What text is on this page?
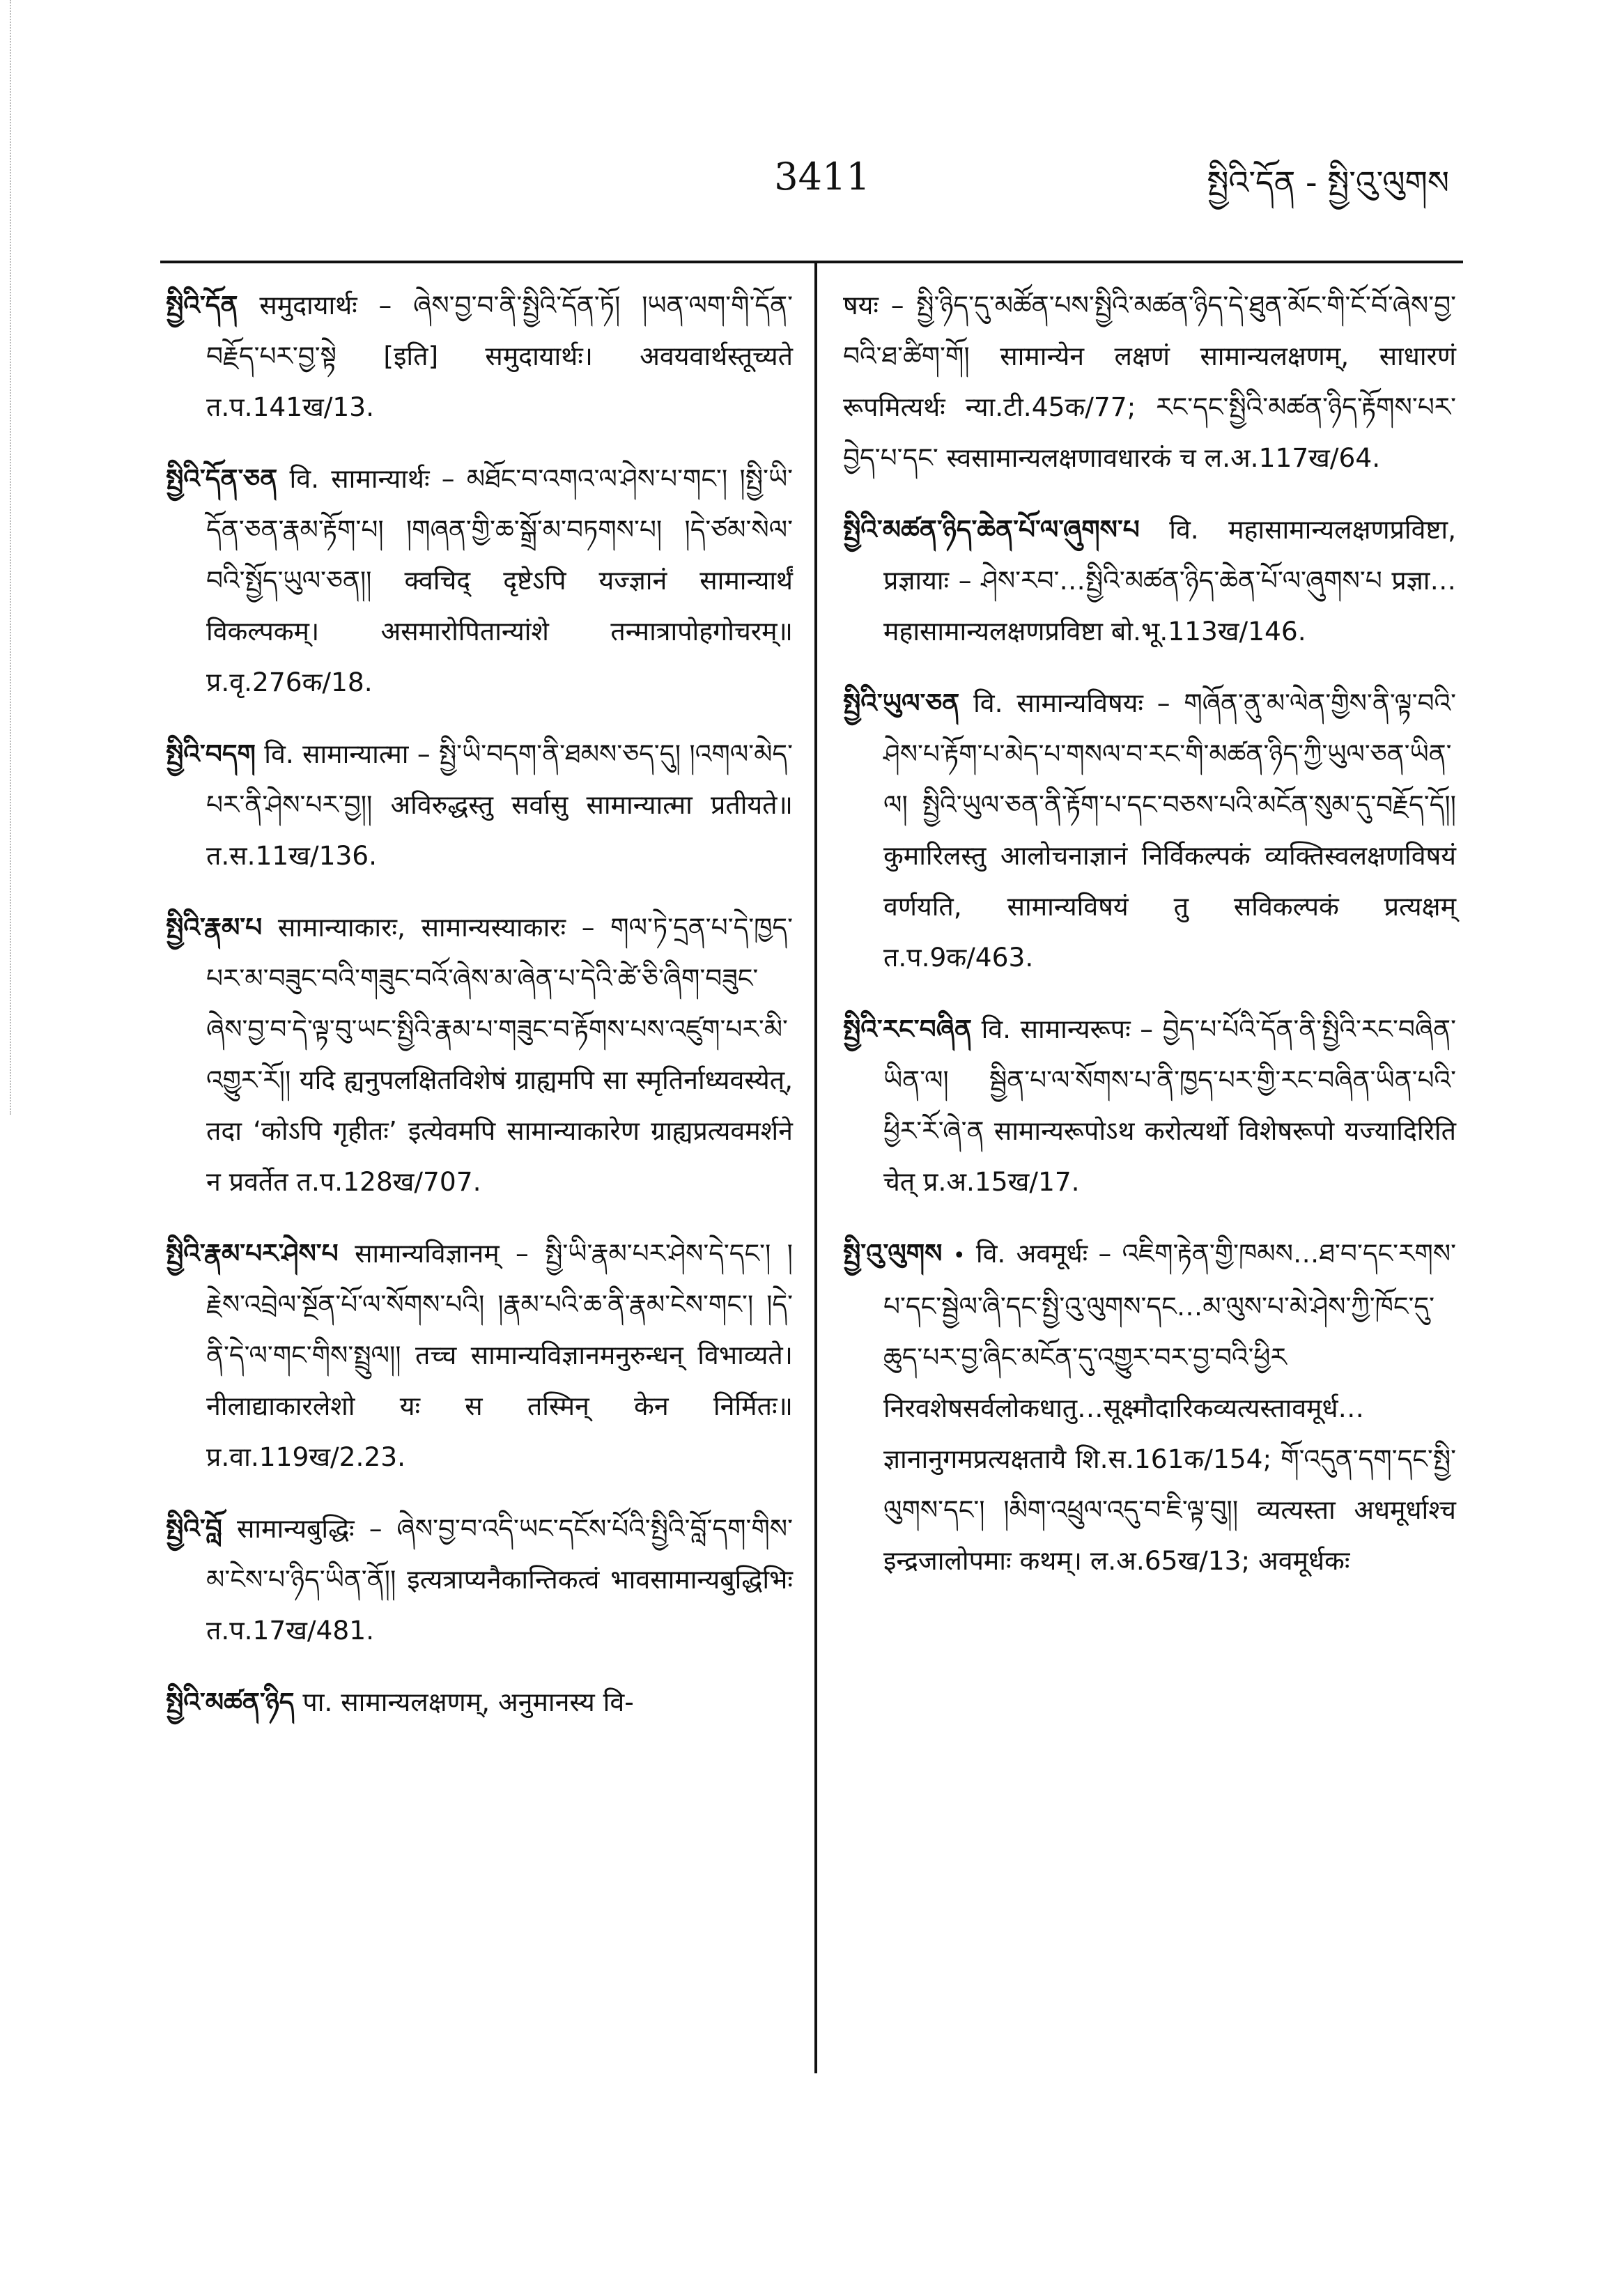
3411	སྤྱིའི་དོན - སྤྱི་འུ་ལུགས

སྤྱིའི་དོན समुदायार्थः – ཞེས་བྱ་བ་ནི་སྤྱིའི་དོན་ཏོ། །ཡན་ལག་གི་དོན་བརྗོད་པར་བྱ་སྟེ [इति] समुदायार्थः। अवयवार्थस्तूच्यते त.प.141ख/13.

སྤྱིའི་དོན་ཅན वि. सामान्यार्थः – མཐོང་བ་འགའ་ལ་ཤེས་པ་གང་། །སྤྱི་ཡི་དོན་ཅན་རྣམ་རྟོག་པ། །གཞན་གྱི་ཆ་སྒྲོ་མ་བཏགས་པ། །དེ་ཙམ་སེལ་བའི་སྤྱོད་ཡུལ་ཅན།། क्वचिद् दृष्टेऽपि यज्ज्ञानं सामान्यार्थं विकल्पकम्। असमारोपितान्यांशे तन्मात्रापोहगोचरम्॥ प्र.वृ.276क/18.

སྤྱིའི་བདག वि. सामान्यात्मा – སྤྱི་ཡི་བདག་ནི་ཐམས་ཅད་དུ། །འགལ་མེད་པར་ནི་ཤེས་པར་བྱ།། अविरुद्धस्तु सर्वासु सामान्यात्मा प्रतीयते॥ त.स.11ख/136.

སྤྱིའི་རྣམ་པ सामान्याकारः, सामान्यस्याकारः – གལ་ཏེ་དྲན་པ་དེ་ཁྱད་པར་མ་བཟུང་བའི་གཟུང་བའོ་ཞེས་མ་ཞེན་པ་དེའི་ཚེ་ཅི་ཞིག་བཟུང་ཞེས་བྱ་བ་དེ་ལྟ་བུ་ཡང་སྤྱིའི་རྣམ་པ་གཟུང་བ་རྟོགས་པས་འཛུག་པར་མི་འགྱུར་རོ།། यदि ह्यनुपलक्षितविशेषं ग्राह्यमपि सा स्मृतिर्नाध्यवस्येत्, तदा ‘कोऽपि गृहीतः’ इत्येवमपि सामान्याकारेण ग्राह्यप्रत्यवमर्शने न प्रवर्तेत त.प.128ख/707.

སྤྱིའི་རྣམ་པར་ཤེས་པ सामान्यविज्ञानम् – སྤྱི་ཡི་རྣམ་པར་ཤེས་དེ་དང་། །རྗེས་འབྲེལ་སྔོན་པོ་ལ་སོགས་པའི། །རྣམ་པའི་ཆ་ནི་རྣམ་ངེས་གང་། །དེ་ནི་དེ་ལ་གང་གིས་སྤྲུལ།། तच्च सामान्यविज्ञानमनुरुन्धन् विभाव्यते। नीलाद्याकारलेशो यः स तस्मिन् केन निर्मितः॥ प्र.वा.119ख/2.23.

སྤྱིའི་བློ सामान्यबुद्धिः – ཞེས་བྱ་བ་འདི་ཡང་དངོས་པོའི་སྤྱིའི་བློ་དག་གིས་མ་ངེས་པ་ཉིད་ཡིན་ནོ།། इत्यत्राप्यनैकान्तिकत्वं भावसामान्यबुद्धिभिः त.प.17ख/481.

སྤྱིའི་མཚན་ཉིད पा. सामान्यलक्षणम्, अनुमानस्य वि-

षयः – སྤྱི་ཉིད་དུ་མཚོན་པས་སྤྱིའི་མཚན་ཉིད་དེ་ཐུན་མོང་གི་ངོ་བོ་ཞེས་བྱ་བའི་ཐ་ཚིག་གོ། सामान्येन लक्षणं सामान्यलक्षणम्, साधारणं रूपमित्यर्थः न्या.टी.45क/77; རང་དང་སྤྱིའི་མཚན་ཉིད་རྟོགས་པར་བྱེད་པ་དང་ स्वसामान्यलक्षणावधारकं च ल.अ.117ख/64.

སྤྱིའི་མཚན་ཉིད་ཆེན་པོ་ལ་ཞུགས་པ वि. महासामान्यलक्षणप्रविष्टा, प्रज्ञायाः – ཤེས་རབ་…སྤྱིའི་མཚན་ཉིད་ཆེན་པོ་ལ་ཞུགས་པ प्रज्ञा…महासामान्यलक्षणप्रविष्टा बो.भू.113ख/146.

སྤྱིའི་ཡུལ་ཅན वि. सामान्यविषयः – གཞོན་ནུ་མ་ལེན་གྱིས་ནི་ལྟ་བའི་ཤེས་པ་རྟོག་པ་མེད་པ་གསལ་བ་རང་གི་མཚན་ཉིད་ཀྱི་ཡུལ་ཅན་ཡིན་ལ། སྤྱིའི་ཡུལ་ཅན་ནི་རྟོག་པ་དང་བཅས་པའི་མངོན་སུམ་དུ་བརྗོད་དོ།། कुमारिलस्तु आलोचनाज्ञानं निर्विकल्पकं व्यक्तिस्वलक्षणविषयं वर्णयति, सामान्यविषयं तु सविकल्पकं प्रत्यक्षम् त.प.9क/463.

སྤྱིའི་རང་བཞིན वि. सामान्यरूपः – བྱེད་པ་པོའི་དོན་ནི་སྤྱིའི་རང་བཞིན་ཡིན་ལ། སྦྱིན་པ་ལ་སོགས་པ་ནི་ཁྱད་པར་གྱི་རང་བཞིན་ཡིན་པའི་ཕྱིར་རོ་ཞེ་ན सामान्यरूपोऽथ करोत्यर्थो विशेषरूपो यज्यादिरिति चेत् प्र.अ.15ख/17.

སྤྱི་འུ་ལུགས • वि. अवमूर्धः – འཇིག་རྟེན་གྱི་ཁམས…ཐ་བ་དང་རགས་པ་དང་སྦྱེལ་ཞི་དང་སྤྱི་འུ་ལུགས་དང…མ་ལུས་པ་མེ་ཤེས་ཀྱི་ཁོང་དུ་ཆུད་པར་བྱ་ཞིང་མངོན་དུ་འགྱུར་བར་བྱ་བའི་ཕྱིར निरवशेषसर्वलोकधातु…सूक्ष्मौदारिकव्यत्यस्तावमूर्ध…ज्ञानानुगमप्रत्यक्षतायै शि.स.161क/154; གོ་འདུན་དག་དང་སྤྱི་ལུགས་དང་། །མིག་འཕྲུལ་འདུ་བ་ཇི་ལྟ་བུ།། व्यत्यस्ता अधमूर्धाश्च इन्द्रजालोपमाः कथम्। ल.अ.65ख/13; अवमूर्धकः
